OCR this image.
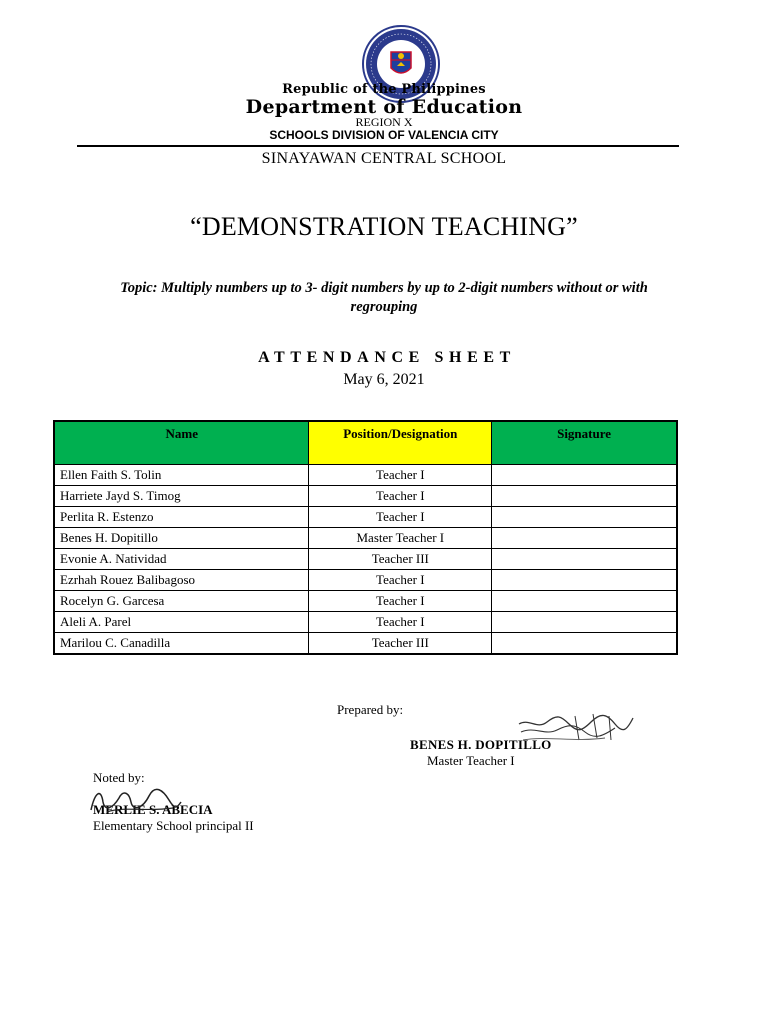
Republic of the Philippines
Department of Education
REGION X
SCHOOLS DIVISION OF VALENCIA CITY
SINAYAWAN CENTRAL SCHOOL
“DEMONSTRATION TEACHING”
Topic: Multiply numbers up to 3- digit numbers by up to 2-digit numbers without or with regrouping
ATTENDANCE SHEET
May 6, 2021
Name	Position/Designation	Signature
Ellen Faith S. Tolin	Teacher I	
Harriete Jayd S. Timog	Teacher I	
Perlita R. Estenzo	Teacher I	
Benes H. Dopitillo	Master Teacher I	
Evonie A. Natividad	Teacher III	
Ezrhah Rouez Balibagoso	Teacher I	
Rocelyn G. Garcesa	Teacher I	
Aleli A. Parel	Teacher I	
Marilou C. Canadilla	Teacher III	
Prepared by:
BENES H. DOPITILLO
Master Teacher I
Noted by:
MERLIE S. ABECIA
Elementary School principal II
